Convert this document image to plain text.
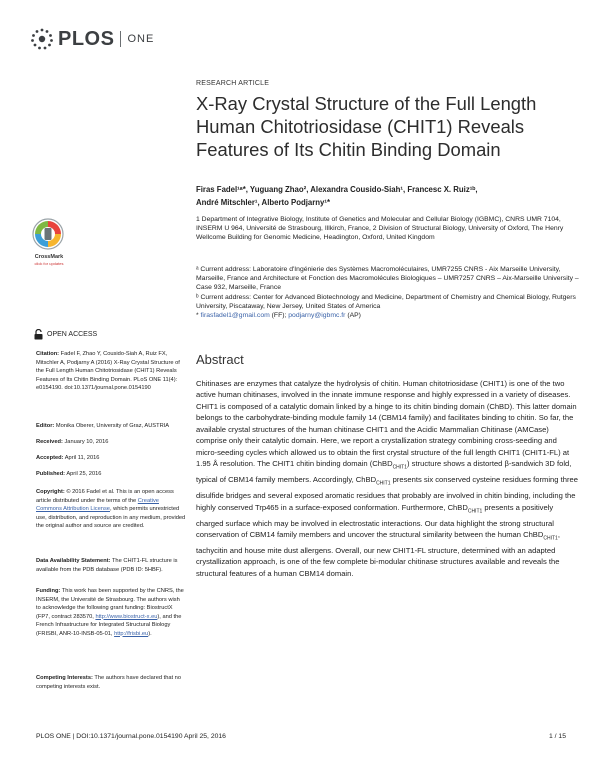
PLOS ONE
RESEARCH ARTICLE
X-Ray Crystal Structure of the Full Length Human Chitotriosidase (CHIT1) Reveals Features of Its Chitin Binding Domain
Firas Fadel¹ᵃ*, Yuguang Zhao², Alexandra Cousido-Siah¹, Francesc X. Ruiz¹ᵇ,
André Mitschler¹, Alberto Podjarny¹*
1 Department of Integrative Biology, Institute of Genetics and Molecular and Cellular Biology (IGBMC), CNRS UMR 7104, INSERM U 964, Université de Strasbourg, Illkirch, France, 2 Division of Structural Biology, University of Oxford, The Henry Wellcome Building for Genomic Medicine, Headington, Oxford, United Kingdom

ᵃ Current address: Laboratoire d'Ingénierie des Systèmes Macromoléculaires, UMR7255 CNRS - Aix Marseille University, Marseille, France and Architecture et Fonction des Macromolécules Biologiques – UMR7257 CNRS – Aix-Marseille University – Case 932, Marseille, France

ᵇ Current address: Center for Advanced Biotechnology and Medicine, Department of Chemistry and Chemical Biology, Rutgers University, Piscataway, New Jersey, United States of America

* firasfadel1@gmail.com (FF); podjarny@igbmc.fr (AP)

Abstract

Chitinases are enzymes that catalyze the hydrolysis of chitin. Human chitotriosidase (CHIT1) is one of the two active human chitinases, involved in the innate immune response and highly expressed in a variety of diseases. CHIT1 is composed of a catalytic domain linked by a hinge to its chitin binding domain (ChBD). This latter domain belongs to the carbohydrate-binding module family 14 (CBM14 family) and facilitates binding to chitin. So far, the available crystal structures of the human chitinase CHIT1 and the Acidic Mammalian Chitinase (AMCase) comprise only their catalytic domain. Here, we report a crystallization strategy combining cross-seeding and micro-seeding cycles which allowed us to obtain the first crystal structure of the full length CHIT1 (CHIT1-FL) at 1.95 Å resolution. The CHIT1 chitin binding domain (ChBD$_{CHIT1}$) structure shows a distorted β-sandwich 3D fold, typical of CBM14 family members. Accordingly, ChBD$_{CHIT1}$ presents six conserved cysteine residues forming three disulfide bridges and several exposed aromatic residues that probably are involved in chitin binding, including the highly conserved Trp465 in a surface-exposed conformation. Furthermore, ChBD$_{CHIT1}$ presents a positively charged surface which may be involved in electrostatic interactions. Our data highlight the strong structural conservation of CBM14 family members and uncover the structural similarity between the human ChBD$_{CHIT1}$, tachycitin and house mite dust allergens. Overall, our new CHIT1-FL structure, determined with an adapted crystallization approach, is one of the few complete bi-modular chitinase structures available and reveals the structural features of a human CBM14 domain.

CrossMark
click for updates
OPEN ACCESS
Citation: Fadel F, Zhao Y, Cousido-Siah A, Ruiz FX, Mitschler A, Podjarny A (2016) X-Ray Crystal Structure of the Full Length Human Chitotriosidase (CHIT1) Reveals Features of Its Chitin Binding Domain. PLoS ONE 11(4): e0154190. doi:10.1371/journal.pone.0154190
Editor: Monika Oberer, University of Graz, AUSTRIA
Received: January 10, 2016
Accepted: April 11, 2016
Published: April 25, 2016
Copyright: © 2016 Fadel et al. This is an open access article distributed under the terms of the Creative Commons Attribution License, which permits unrestricted use, distribution, and reproduction in any medium, provided the original author and source are credited.
Data Availability Statement: The CHIT1-FL structure is available from the PDB database (PDB ID: 5HBF).
Funding: This work has been supported by the CNRS, the INSERM, the Université de Strasbourg. The authors wish to acknowledge the following grant funding: BiostructX (FP7, contract 283570, http://www.biostruct-x.eu), and the French Infrastructure for Integrated Structural Biology (FRISBI, ANR-10-INSB-05-01, http://frisbi.eu).
Competing Interests: The authors have declared that no competing interests exist.
PLOS ONE | DOI:10.1371/journal.pone.0154190 April 25, 2016	1 / 15
